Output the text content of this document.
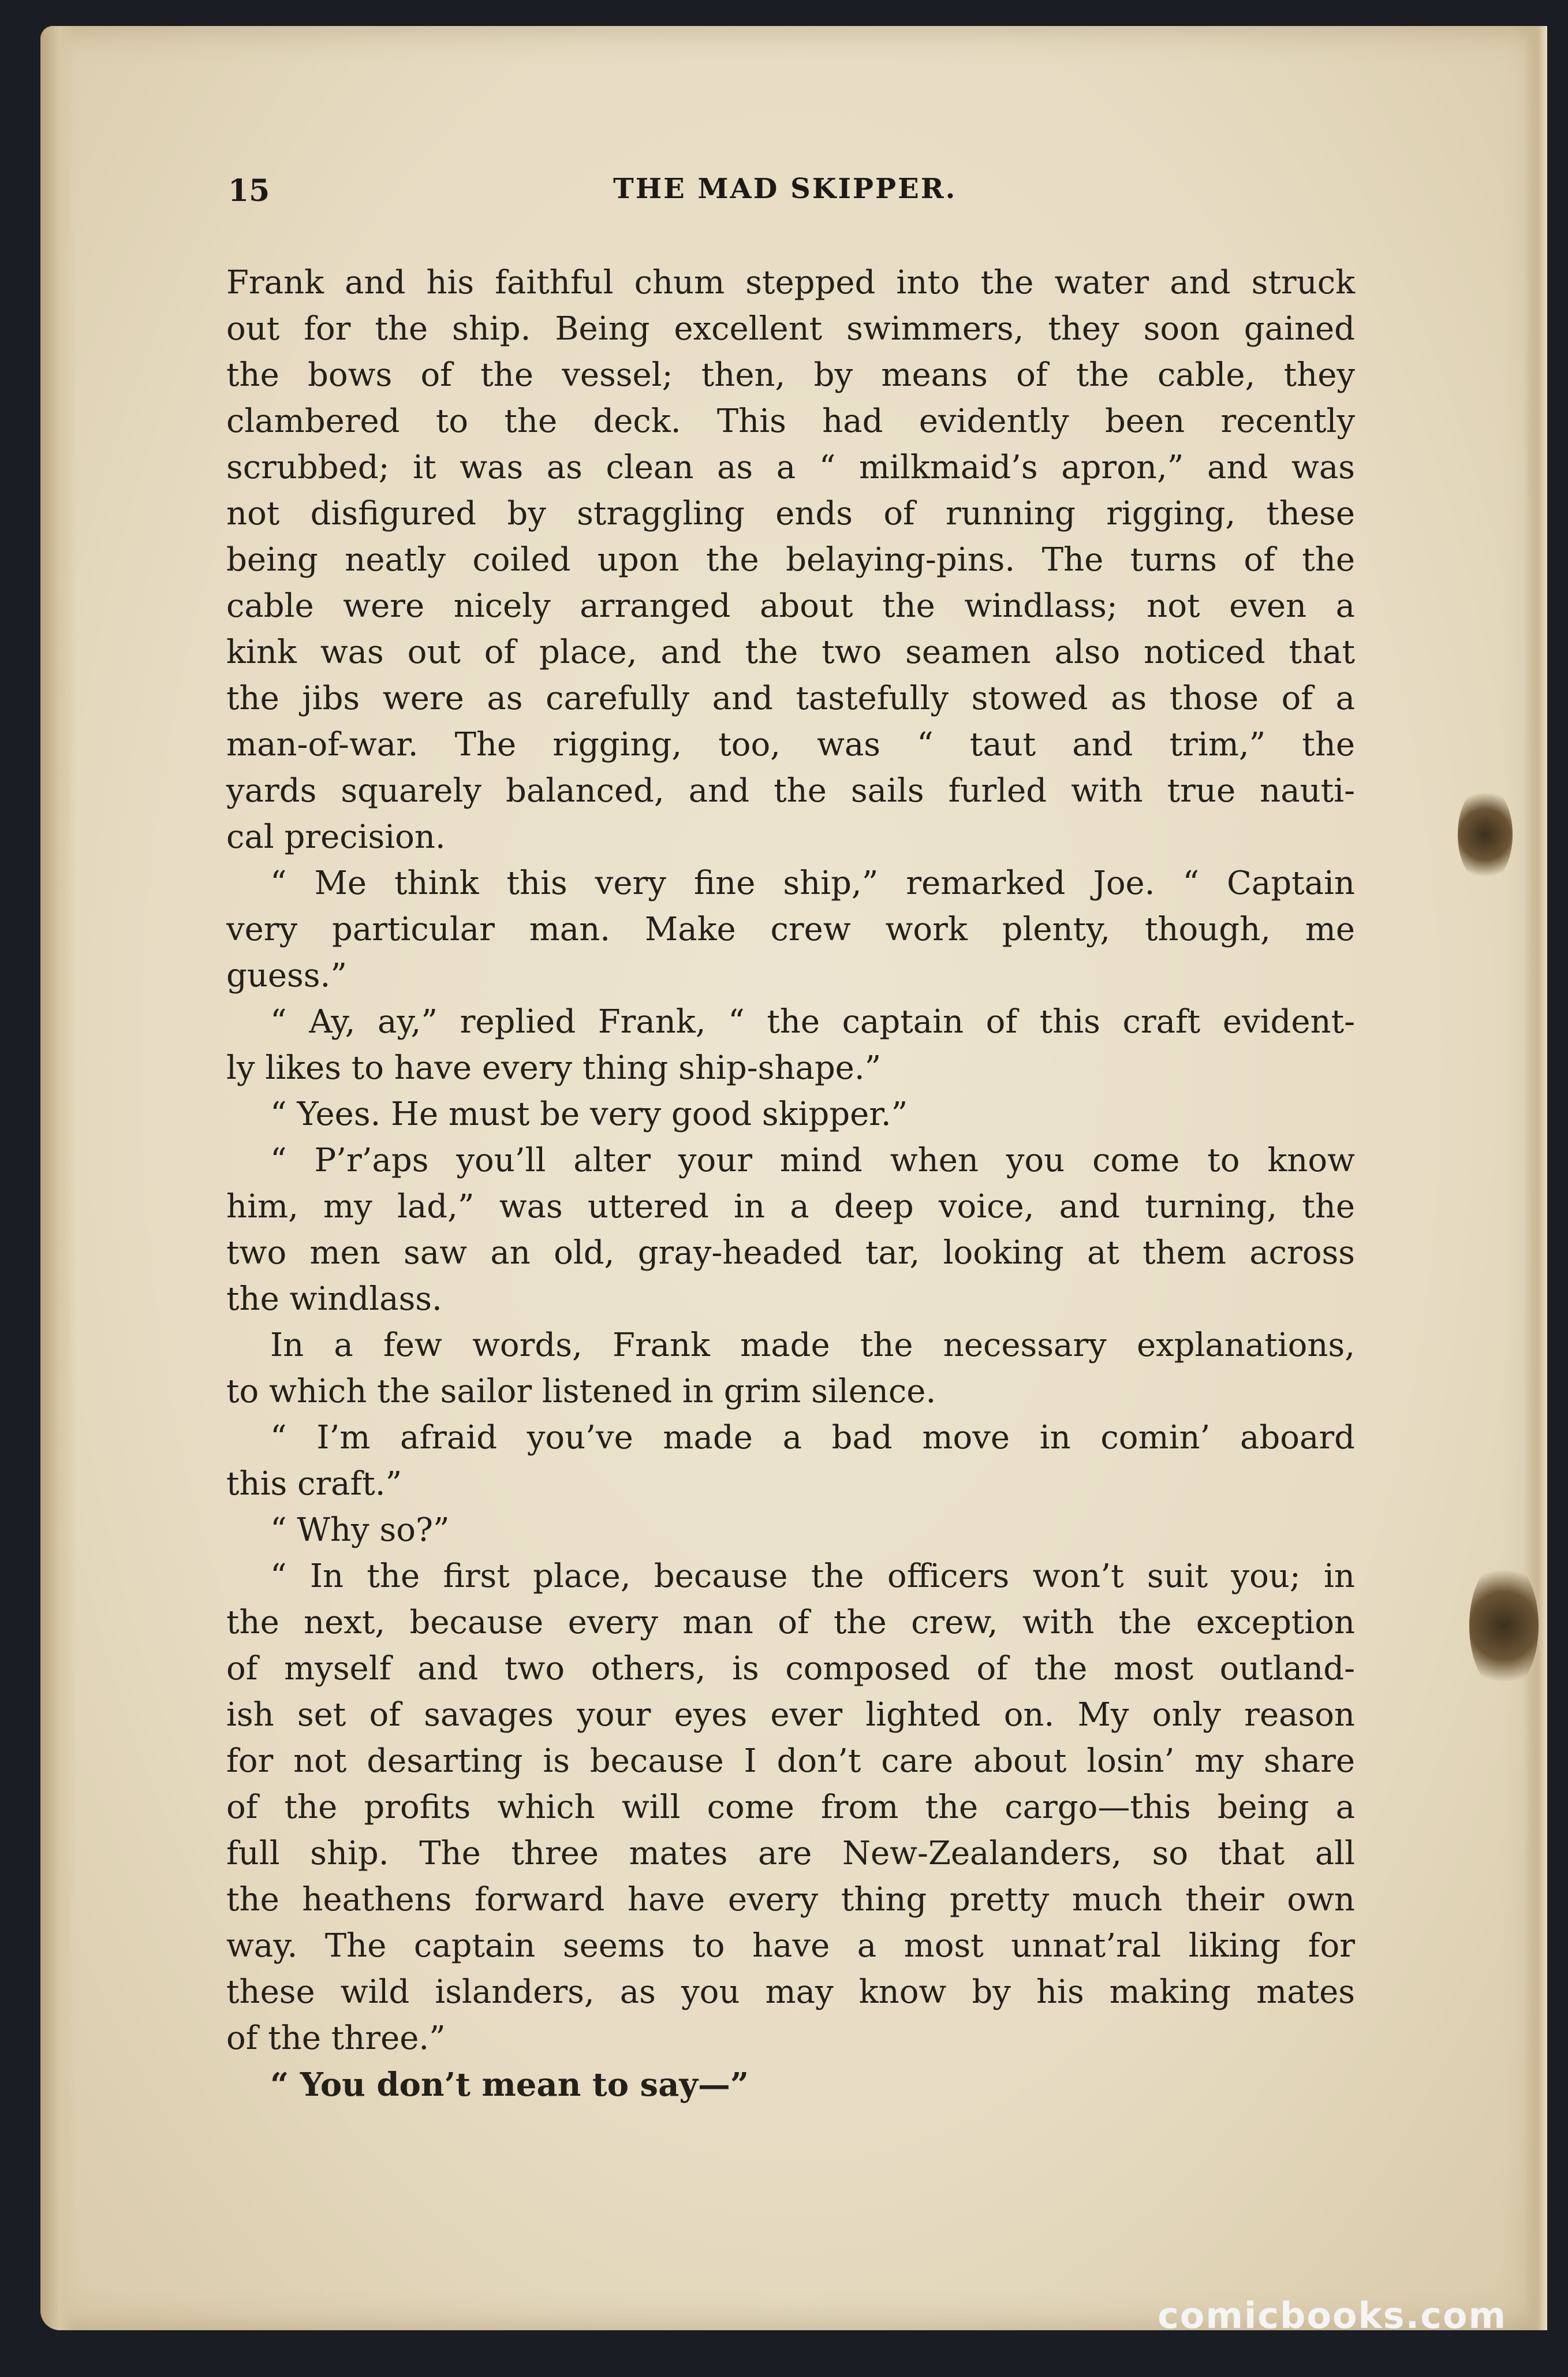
15	THE MAD SKIPPER.
Frank and his faithful chum stepped into the water and struck
out for the ship. Being excellent swimmers, they soon gained
the bows of the vessel; then, by means of the cable, they
clambered to the deck. This had evidently been recently
scrubbed; it was as clean as a “ milkmaid’s apron,” and was
not disfigured by straggling ends of running rigging, these
being neatly coiled upon the belaying-pins. The turns of the
cable were nicely arranged about the windlass; not even a
kink was out of place, and the two seamen also noticed that
the jibs were as carefully and tastefully stowed as those of a
man-of-war. The rigging, too, was “ taut and trim,” the
yards squarely balanced, and the sails furled with true nauti-
cal precision.
“ Me think this very fine ship,” remarked Joe. “ Captain
very particular man. Make crew work plenty, though, me
guess.”
“ Ay, ay,” replied Frank, “ the captain of this craft evident-
ly likes to have every thing ship-shape.”
“ Yees. He must be very good skipper.”
“ P’r’aps you’ll alter your mind when you come to know
him, my lad,” was uttered in a deep voice, and turning, the
two men saw an old, gray-headed tar, looking at them across
the windlass.
In a few words, Frank made the necessary explanations,
to which the sailor listened in grim silence.
“ I’m afraid you’ve made a bad move in comin’ aboard
this craft.”
“ Why so?”
“ In the first place, because the officers won’t suit you; in
the next, because every man of the crew, with the exception
of myself and two others, is composed of the most outland-
ish set of savages your eyes ever lighted on. My only reason
for not desarting is because I don’t care about losin’ my share
of the profits which will come from the cargo—this being a
full ship. The three mates are New-Zealanders, so that all
the heathens forward have every thing pretty much their own
way. The captain seems to have a most unnat’ral liking for
these wild islanders, as you may know by his making mates
of the three.”
“ You don’t mean to say—”
comicbooks.com
